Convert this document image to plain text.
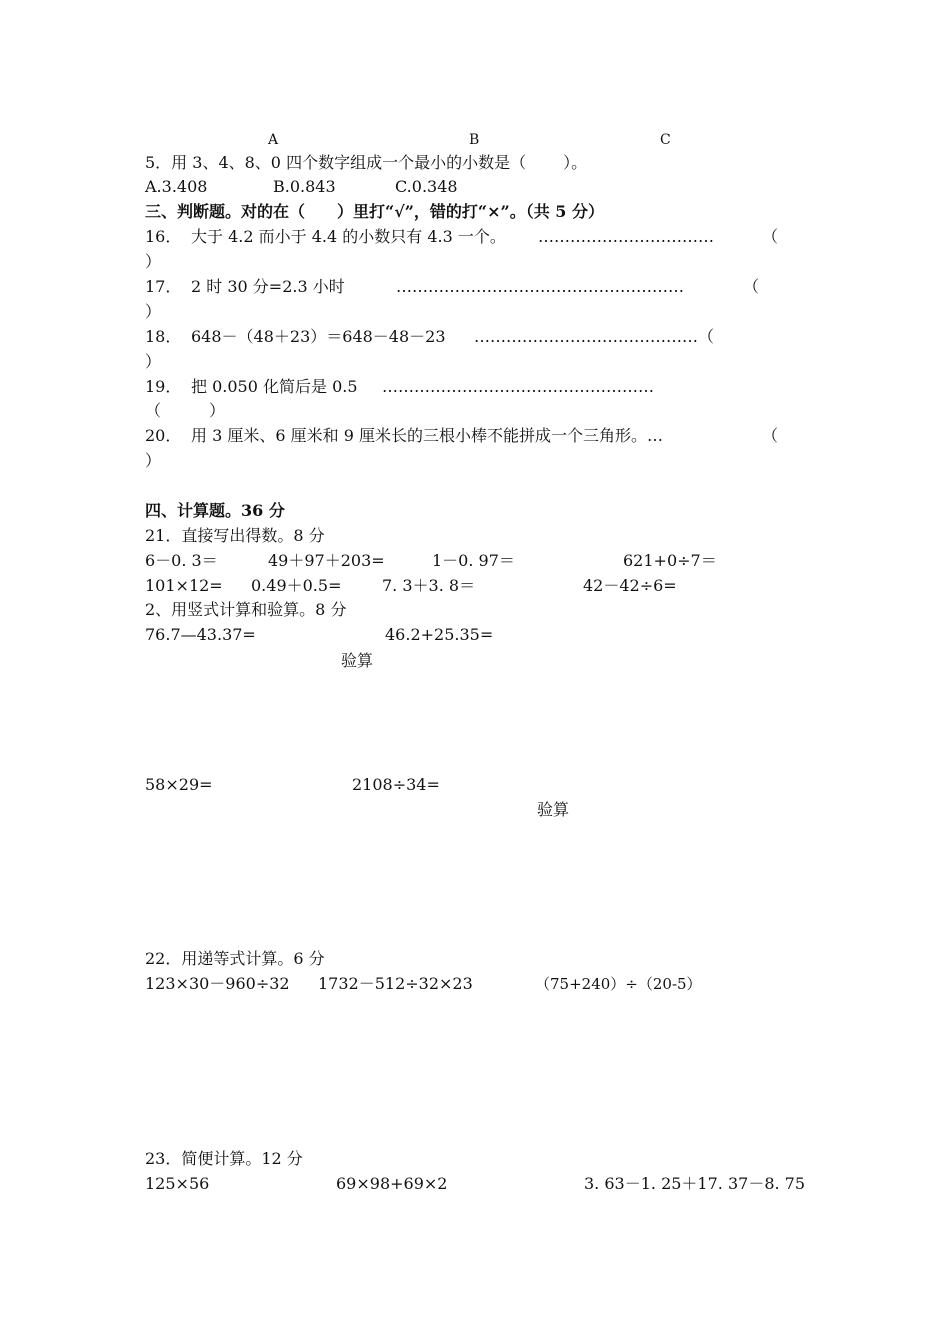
A	B	C
5．用 3、4、8、0 四个数字组成一个最小的小数是（　　 ）。
A.3.408	B.0.843	C.0.348
三、判断题。对的在（　　）里打“√”，错的打“×”。（共 5 分）
16． 大于 4.2 而小于 4.4 的小数只有 4.3 一个。 ……………………………	（
）
17． 2 时 30 分=2.3 小时	………………………………………………	（
）
18． 648－（48＋23）＝648－48－23 ……………………………………（
）
19． 把 0.050 化简后是 0.5 ……………………………………………
（　　　）
20． 用 3 厘米、6 厘米和 9 厘米长的三根小棒不能拼成一个三角形。…	（
）
四、计算题。36 分
21．直接写出得数。8 分
6－0. 3＝	49＋97＋203=	1－0. 97＝	621+0÷7＝
101×12= 0.49＋0.5=	7. 3＋3. 8＝	42－42÷6=
2、用竖式计算和验算。8 分
76.7—43.37=	46.2+25.35=
验算
58×29=	2108÷34=
验算
22．用递等式计算。6 分
123×30－960÷32 1732－512÷32×23	（75+240）÷（20-5）
23．简便计算。12 分
125×56	69×98+69×2	3. 63－1. 25＋17. 37－8. 75
